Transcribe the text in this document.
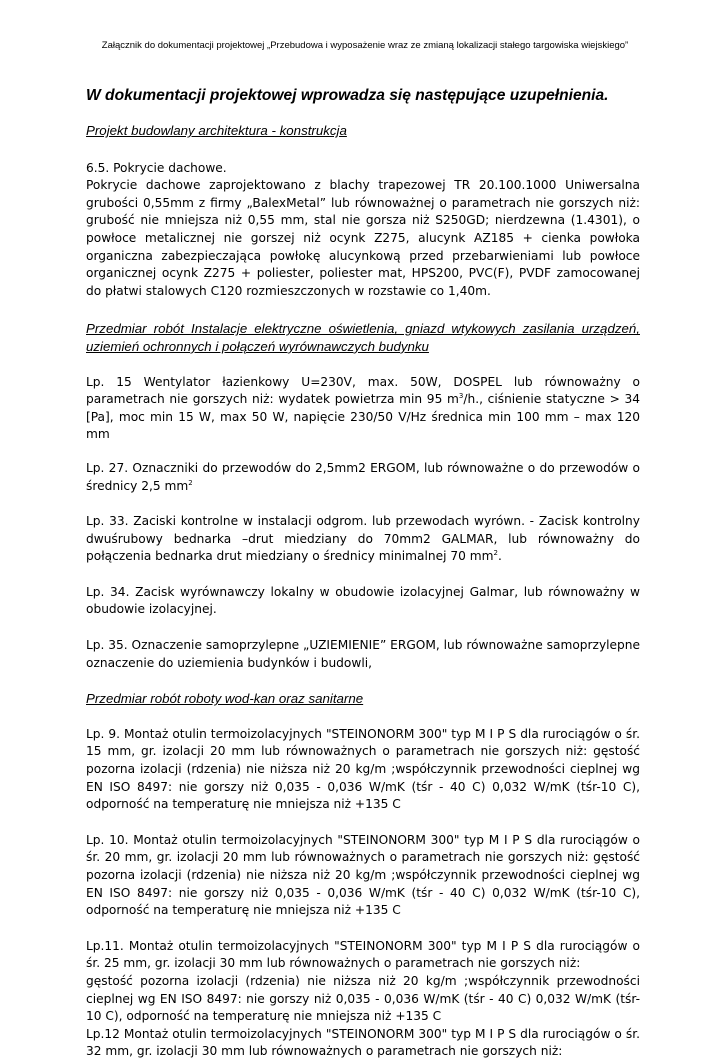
Załącznik do dokumentacji projektowej „Przebudowa i wyposażenie wraz ze zmianą lokalizacji stałego targowiska wiejskiego”
W dokumentacji projektowej wprowadza się następujące uzupełnienia.

Projekt budowlany architektura - konstrukcja

6.5. Pokrycie dachowe.

Pokrycie dachowe zaprojektowano z blachy trapezowej TR 20.100.1000 Uniwersalna grubości 0,55mm z firmy „BalexMetal” lub równoważnej o parametrach nie gorszych niż: grubość nie mniejsza niż 0,55 mm, stal nie gorsza niż S250GD; nierdzewna (1.4301), o powłoce metalicznej nie gorszej niż ocynk Z275, alucynk AZ185 + cienka powłoka organiczna zabezpieczająca powłokę alucynkową przed przebarwieniami lub powłoce organicznej ocynk Z275 + poliester, poliester mat, HPS200, PVC(F), PVDF zamocowanej do płatwi stalowych C120 rozmieszczonych w rozstawie co 1,40m.

Przedmiar robót Instalacje elektryczne oświetlenia, gniazd wtykowych zasilania urządzeń, uziemień ochronnych i połączeń wyrównawczych budynku

Lp. 15 Wentylator łazienkowy U=230V, max. 50W, DOSPEL lub równoważny o parametrach nie gorszych niż: wydatek powietrza min 95 $m^3/h$., ciśnienie statyczne > 34 [Pa], moc min 15 W, max 50 W, napięcie 230/50 V/Hz średnica min 100 mm – max 120 mm

Lp. 27. Oznaczniki do przewodów do 2,5mm2 ERGOM, lub równoważne o do przewodów o średnicy 2,5 $mm^2$

Lp. 33. Zaciski kontrolne w instalacji odgrom. lub przewodach wyrówn. - Zacisk kontrolny dwuśrubowy bednarka –drut miedziany do 70mm2 GALMAR, lub równoważny do połączenia bednarka drut miedziany o średnicy minimalnej 70 $mm^2$.

Lp. 34. Zacisk wyrównawczy lokalny w obudowie izolacyjnej Galmar, lub równoważny w obudowie izolacyjnej.

Lp. 35. Oznaczenie samoprzylepne „UZIEMIENIE” ERGOM, lub równoważne samoprzylepne oznaczenie do uziemienia budynków i budowli,

Przedmiar robót roboty wod-kan oraz sanitarne

Lp. 9. Montaż otulin termoizolacyjnych "STEINONORM 300" typ M I P S dla rurociągów o śr. 15 mm, gr. izolacji 20 mm lub równoważnych o parametrach nie gorszych niż: gęstość pozorna izolacji (rdzenia) nie niższa niż 20 kg/m ;współczynnik przewodności cieplnej wg EN ISO 8497: nie gorszy niż 0,035 - 0,036 W/mK (tśr - 40 C) 0,032 W/mK (tśr-10 C), odporność na temperaturę nie mniejsza niż +135 C

Lp. 10. Montaż otulin termoizolacyjnych "STEINONORM 300" typ M I P S dla rurociągów o śr. 20 mm, gr. izolacji 20 mm lub równoważnych o parametrach nie gorszych niż: gęstość pozorna izolacji (rdzenia) nie niższa niż 20 kg/m ;współczynnik przewodności cieplnej wg EN ISO 8497: nie gorszy niż 0,035 - 0,036 W/mK (tśr - 40 C) 0,032 W/mK (tśr-10 C), odporność na temperaturę nie mniejsza niż +135 C

Lp.11. Montaż otulin termoizolacyjnych "STEINONORM 300" typ M I P S dla rurociągów o śr. 25 mm, gr. izolacji 30 mm lub równoważnych o parametrach nie gorszych niż:

gęstość pozorna izolacji (rdzenia) nie niższa niż 20 kg/m ;współczynnik przewodności cieplnej wg EN ISO 8497: nie gorszy niż 0,035 - 0,036 W/mK (tśr - 40 C) 0,032 W/mK (tśr-10 C), odporność na temperaturę nie mniejsza niż +135 C

Lp.12 Montaż otulin termoizolacyjnych "STEINONORM 300" typ M I P S dla rurociągów o śr. 32 mm, gr. izolacji 30 mm lub równoważnych o parametrach nie gorszych niż:
